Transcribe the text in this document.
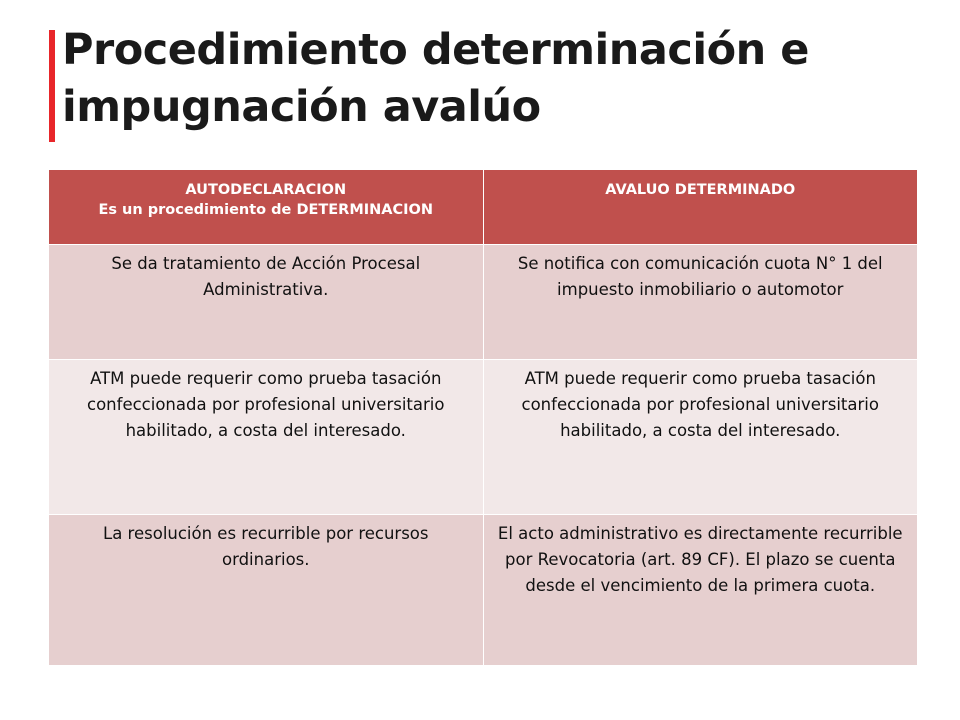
Procedimiento determinación e
impugnación avalúo
AUTODECLARACION
Es un procedimiento de DETERMINACION	AVALUO DETERMINADO
Se da tratamiento de Acción Procesal Administrativa.	Se notifica con comunicación cuota N° 1 del impuesto inmobiliario o automotor
ATM puede requerir como prueba tasación confeccionada por profesional universitario habilitado, a costa del interesado.	ATM puede requerir como prueba tasación confeccionada por profesional universitario habilitado, a costa del interesado.
La resolución es recurrible por recursos ordinarios.	El acto administrativo es directamente recurrible por Revocatoria (art. 89 CF). El plazo se cuenta desde el vencimiento de la primera cuota.
